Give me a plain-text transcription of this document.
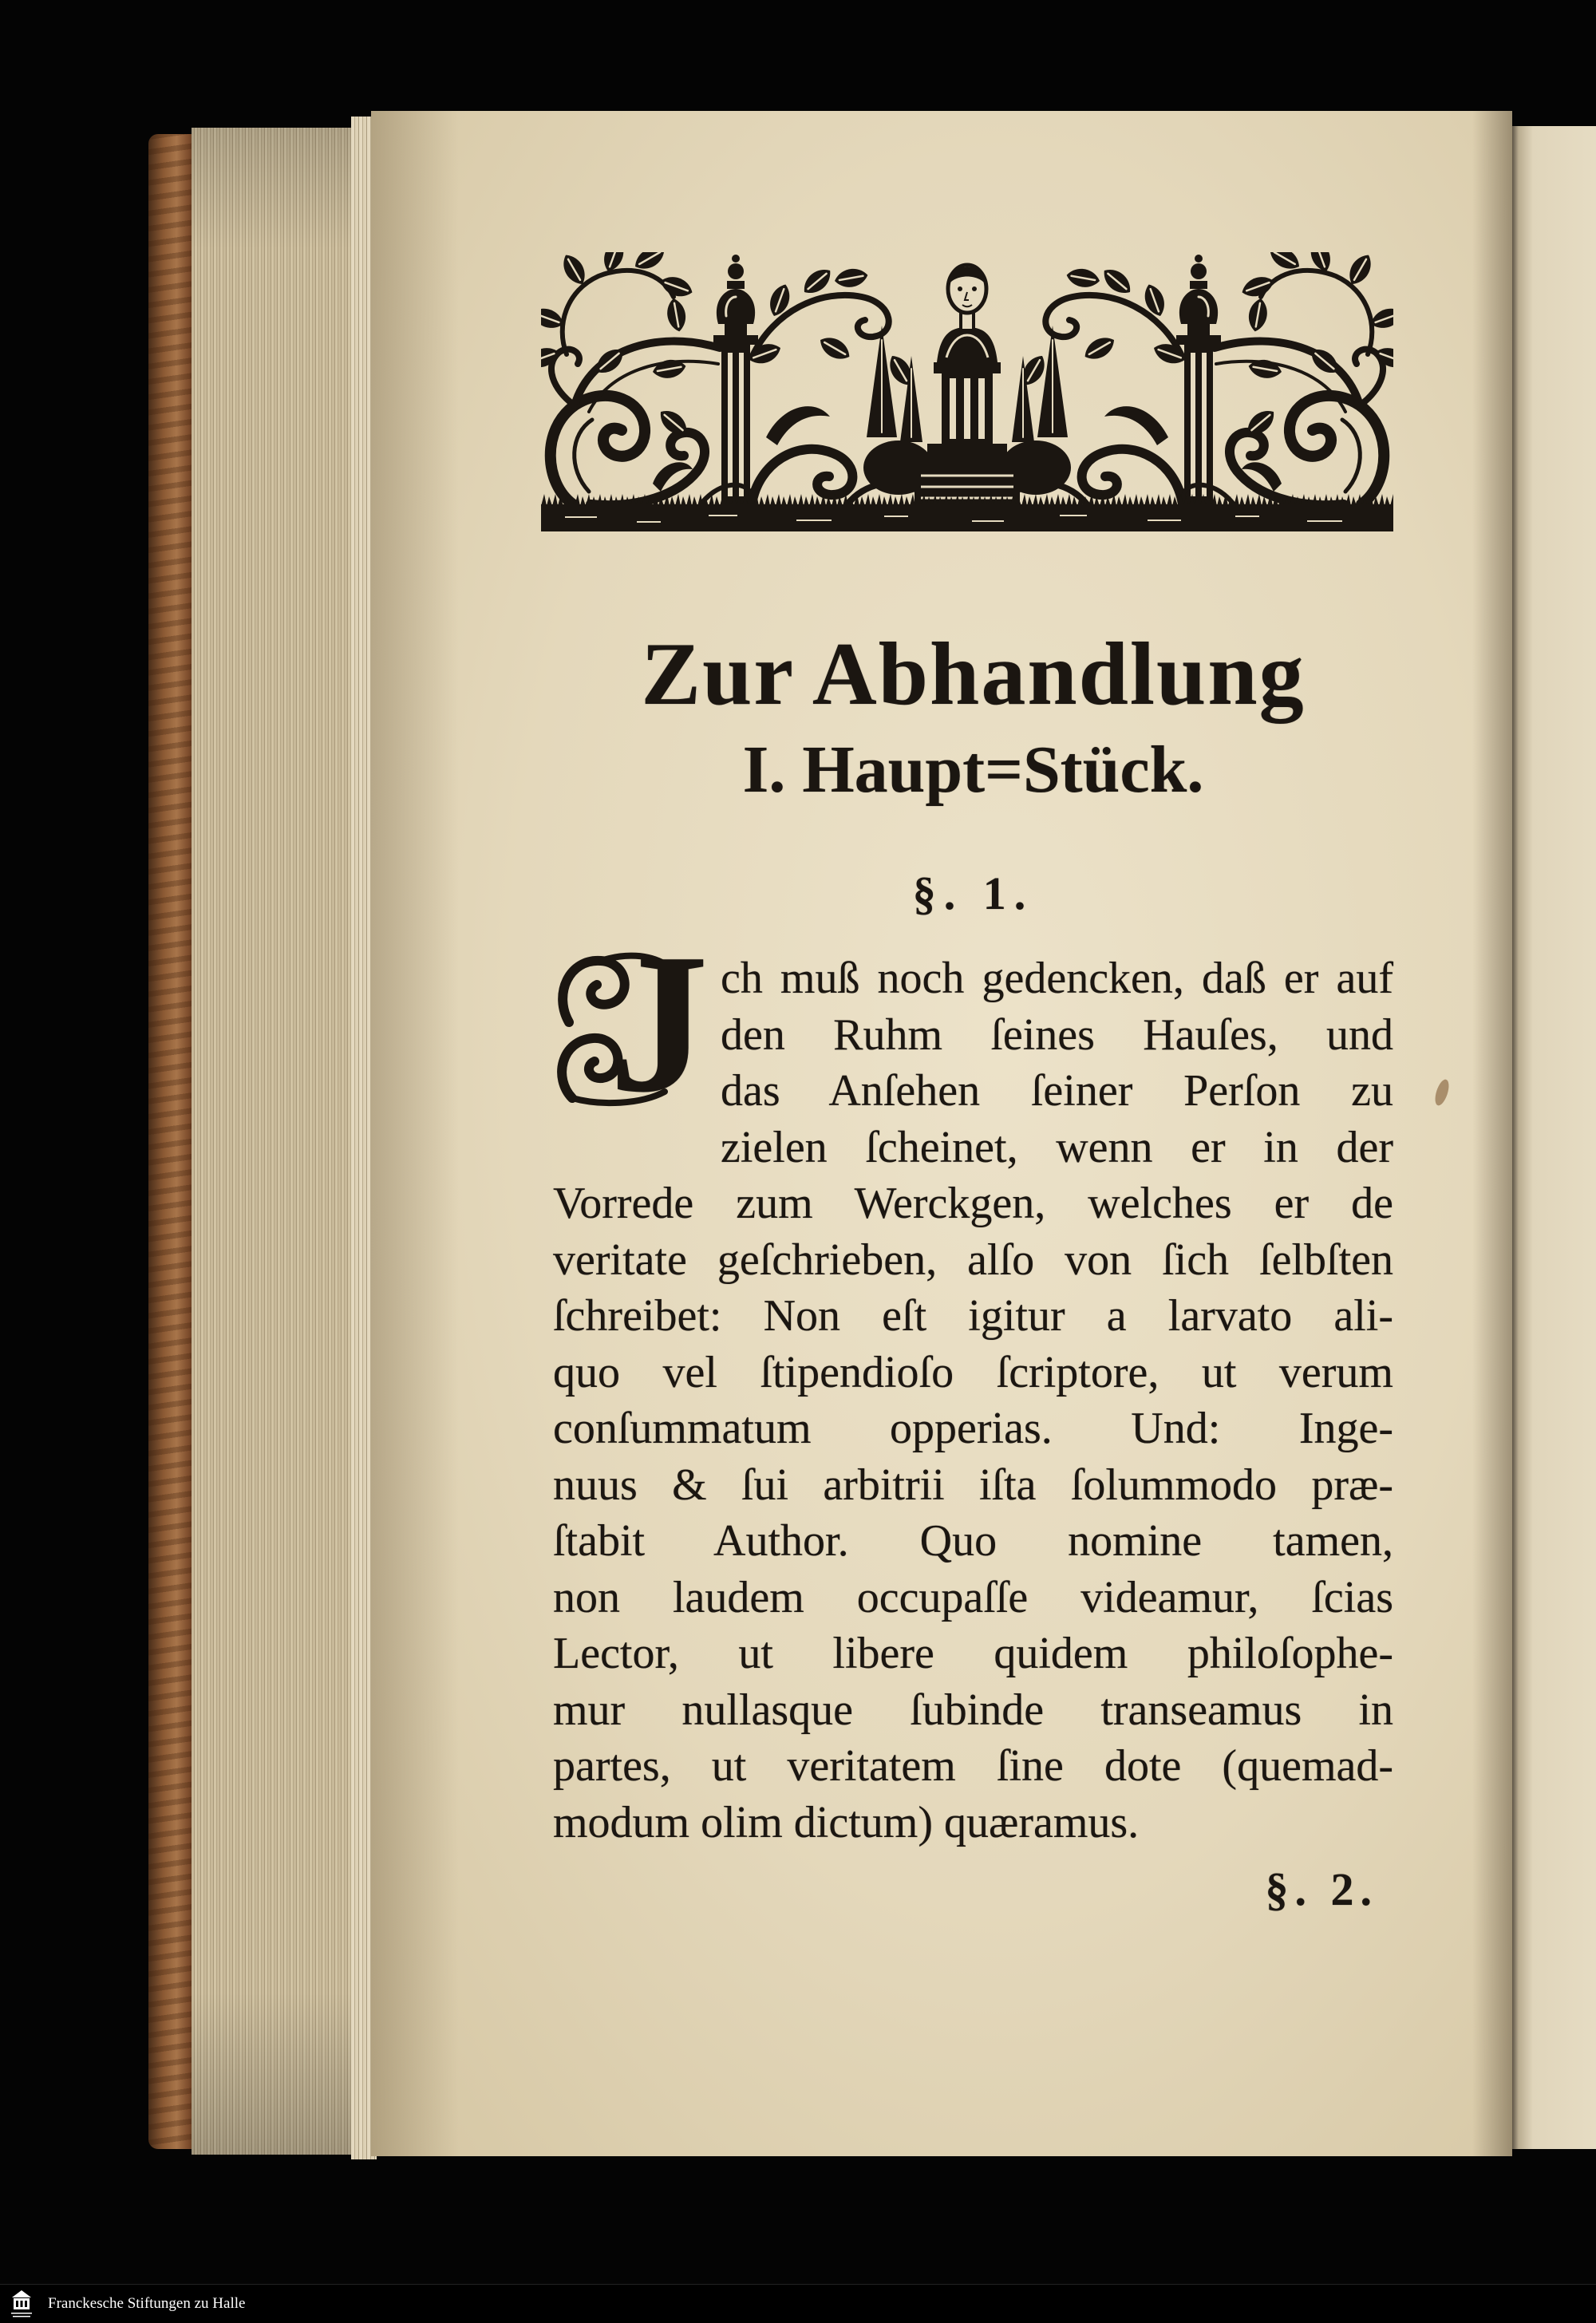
Zur Abhandlung
I. Haupt=Stück.
§. 1.
J ch muß noch gedencken, daß er auf
den Ruhm ſeines Hauſes, und
das Anſehen ſeiner Perſon zu
zielen ſcheinet, wenn er in der
Vorrede zum Werckgen, welches er de
veritate geſchrieben, alſo von ſich ſelbſten
ſchreibet: Non eſt igitur a larvato ali-
quo vel ſtipendioſo ſcriptore, ut verum
conſummatum opperias. Und: Inge-
nuus & ſui arbitrii iſta ſolummodo præ-
ſtabit Author. Quo nomine tamen,
non laudem occupaſſe videamur, ſcias
Lector, ut libere quidem philoſophe-
mur nullasque ſubinde transeamus in
partes, ut veritatem ſine dote (quemad-
modum olim dictum) quæramus.
§. 2.
Franckesche Stiftungen zu Halle
